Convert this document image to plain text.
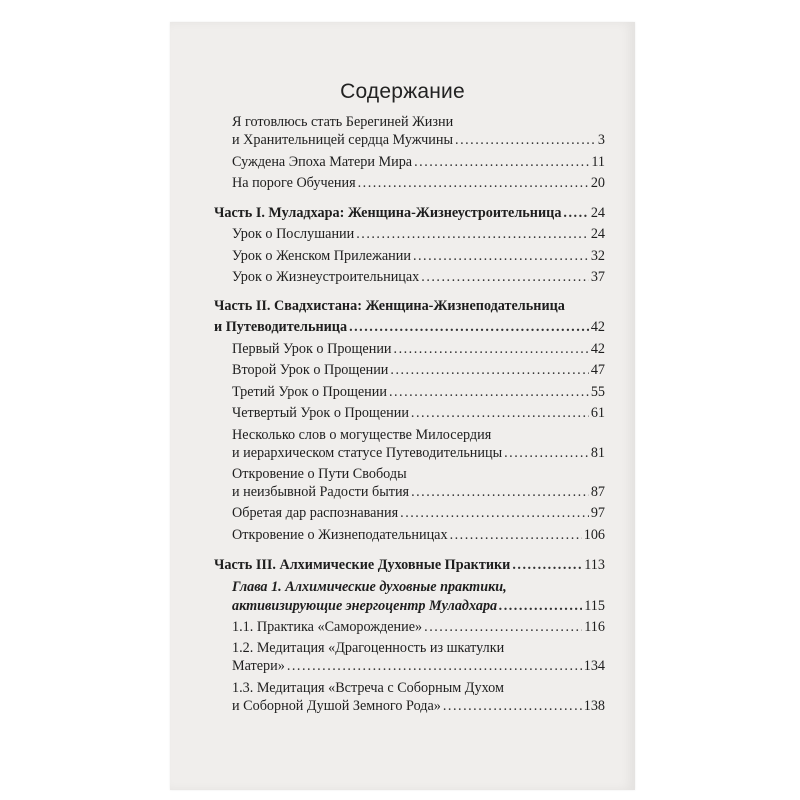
Содержание
Я готовлюсь стать Берегиней Жизни
и Хранительницей сердца Мужчины .....	3
Суждена Эпоха Матери Мира .....	11
На пороге Обучения .....	20
Часть I. Муладхара: Женщина-Жизнеустроительница ..... 24
Урок о Послушании .....	24
Урок о Женском Прилежании .....	32
Урок о Жизнеустроительницах .....	37
Часть II. Свадхистана: Женщина-Жизнеподательница
и Путеводительница .....	42
Первый Урок о Прощении .....	42
Второй Урок о Прощении .....	47
Третий Урок о Прощении .....	55
Четвертый Урок о Прощении .....	61
Несколько слов о могуществе Милосердия
и иерархическом статусе Путеводительницы .....	81
Откровение о Пути Свободы
и неизбывной Радости бытия .....	87
Обретая дар распознавания .....	97
Откровение о Жизнеподательницах .....	106
Часть III. Алхимические Духовные Практики .....	113
Глава 1. Алхимические духовные практики,
активизирующие энергоцентр Муладхара .....	115
1.1. Практика «Саморождение» .....	116
1.2. Медитация «Драгоценность из шкатулки
Матери» .....	134
1.3. Медитация «Встреча с Соборным Духом
и Соборной Душой Земного Рода» .....	138
